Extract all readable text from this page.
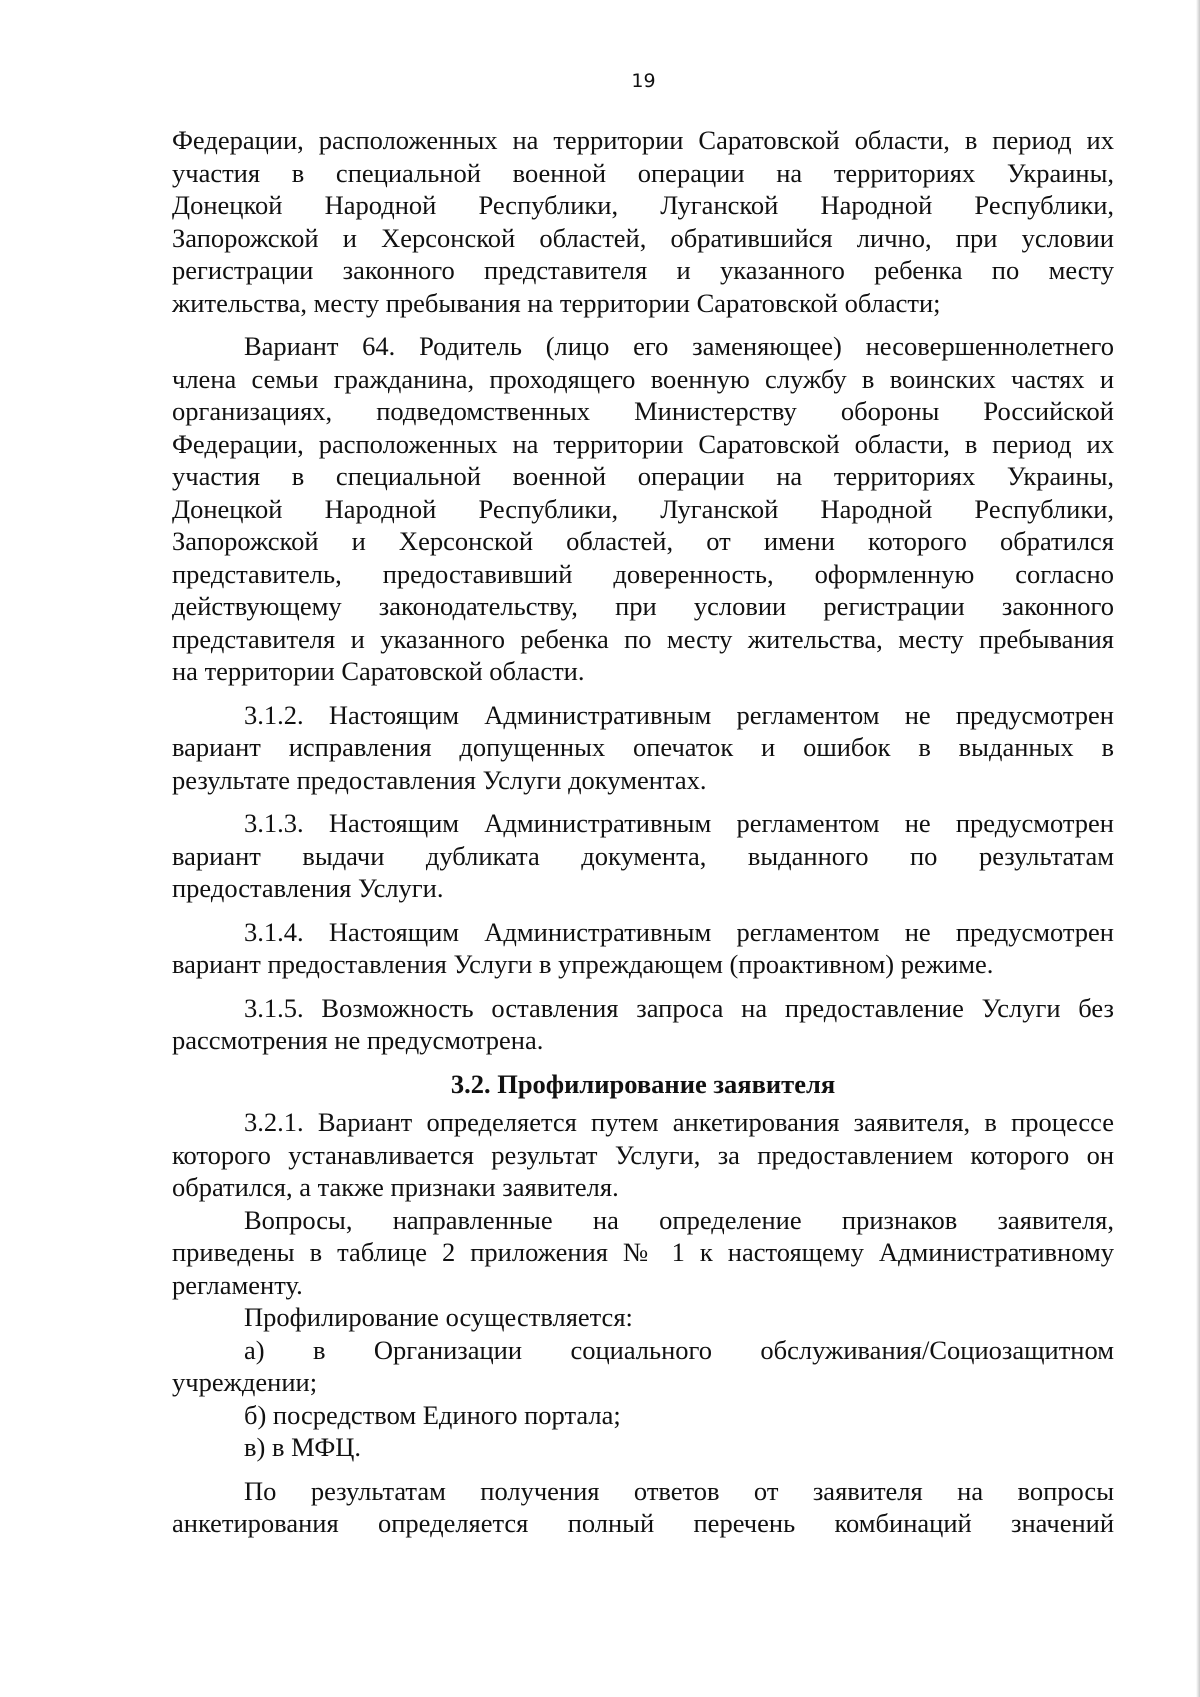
19
Федерации, расположенных на территории Саратовской области, в период их
участия в специальной военной операции на территориях Украины,
Донецкой Народной Республики, Луганской Народной Республики,
Запорожской и Херсонской областей, обратившийся лично, при условии
регистрации законного представителя и указанного ребенка по месту
жительства, месту пребывания на территории Саратовской области;
Вариант 64. Родитель (лицо его заменяющее) несовершеннолетнего
члена семьи гражданина, проходящего военную службу в воинских частях и
организациях, подведомственных Министерству обороны Российской
Федерации, расположенных на территории Саратовской области, в период их
участия в специальной военной операции на территориях Украины,
Донецкой Народной Республики, Луганской Народной Республики,
Запорожской и Херсонской областей, от имени которого обратился
представитель, предоставивший доверенность, оформленную согласно
действующему законодательству, при условии регистрации законного
представителя и указанного ребенка по месту жительства, месту пребывания
на территории Саратовской области.
3.1.2. Настоящим Административным регламентом не предусмотрен
вариант исправления допущенных опечаток и ошибок в выданных в
результате предоставления Услуги документах.
3.1.3. Настоящим Административным регламентом не предусмотрен
вариант выдачи дубликата документа, выданного по результатам
предоставления Услуги.
3.1.4. Настоящим Административным регламентом не предусмотрен
вариант предоставления Услуги в упреждающем (проактивном) режиме.
3.1.5. Возможность оставления запроса на предоставление Услуги без
рассмотрения не предусмотрена.
3.2. Профилирование заявителя
3.2.1. Вариант определяется путем анкетирования заявителя, в процессе
которого устанавливается результат Услуги, за предоставлением которого он
обратился, а также признаки заявителя.
Вопросы, направленные на определение признаков заявителя,
приведены в таблице 2 приложения № 1 к настоящему Административному
регламенту.
Профилирование осуществляется:
а) в Организации социального обслуживания/Социозащитном
учреждении;
б) посредством Единого портала;
в) в МФЦ.
По результатам получения ответов от заявителя на вопросы
анкетирования определяется полный перечень комбинаций значений
